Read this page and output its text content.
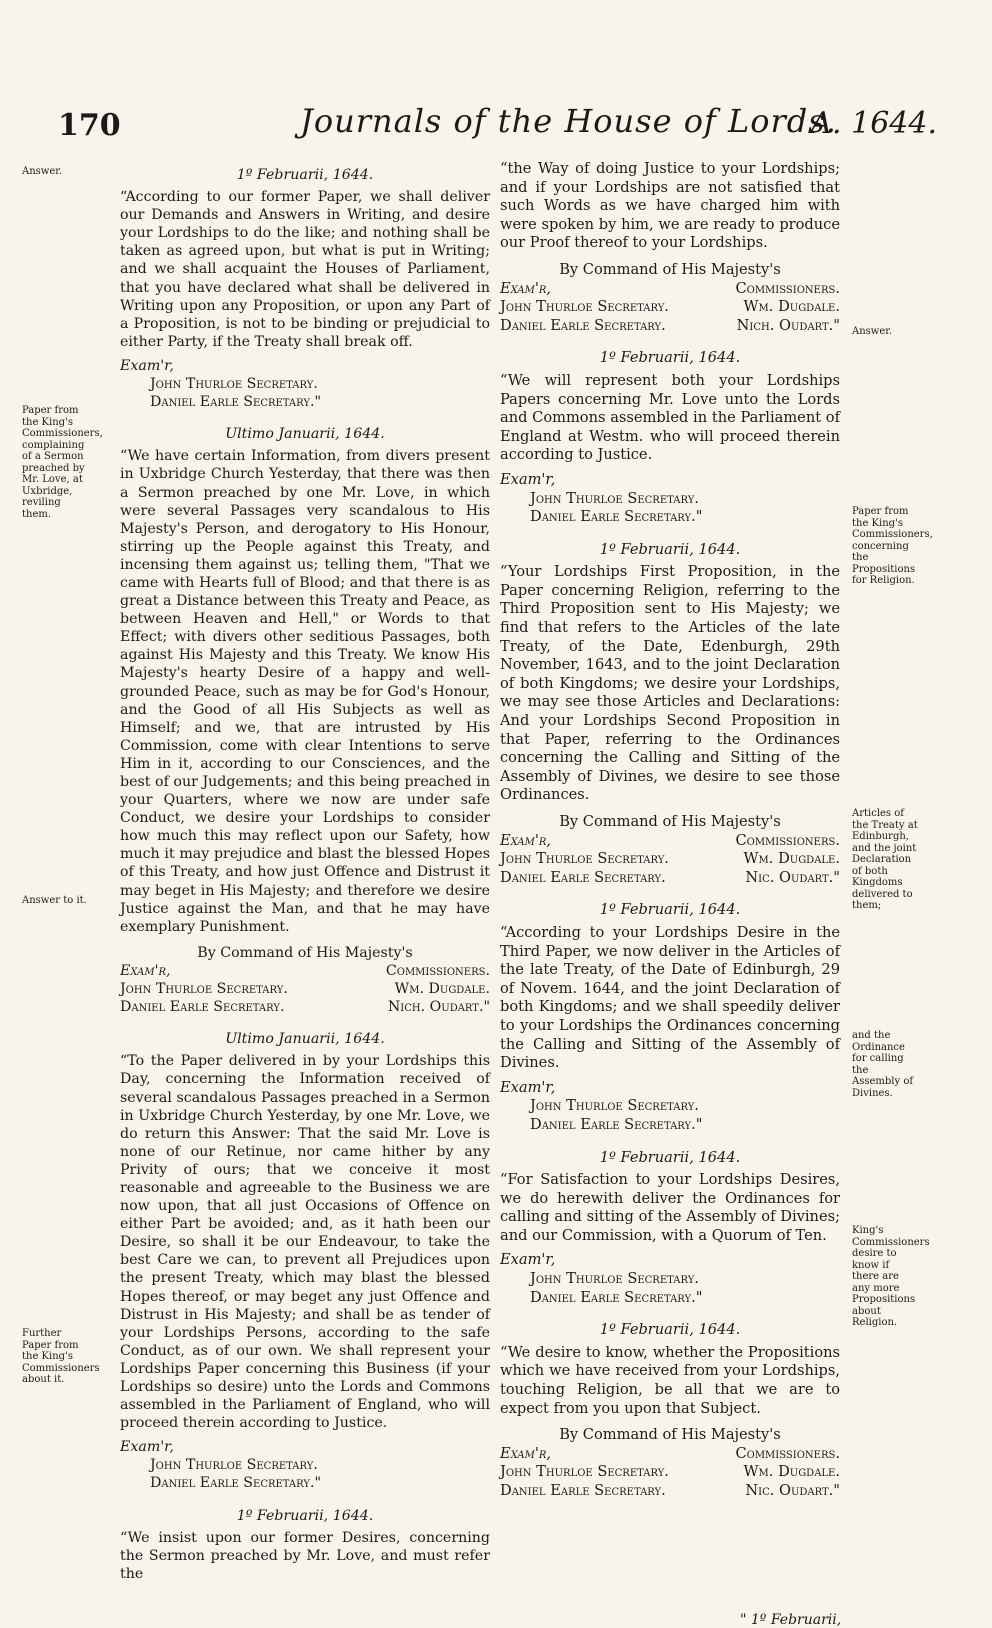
170	Journals of the House of Lords.
A. 1644.
Answer.
Paper from the King's Commissioners, complaining of a Sermon preached by Mr. Love, at Uxbridge, reviling them.
Answer to it.
Further Paper from the King's Commissioners about it.
Answer.
Paper from the King's Commissioners, concerning the Propositions for Religion.
Articles of the Treaty at Edinburgh, and the joint Declaration of both Kingdoms delivered to them;
and the Ordinance for calling the Assembly of Divines.
King's Commissioners desire to know if there are any more Propositions about Religion.
1º Februarii, 1644.

“ According to our former Paper, we shall deliver our Demands and Answers in Writing, and desire your Lordships to do the like; and nothing shall be taken as agreed upon, but what is put in Writing; and we shall acquaint the Houses of Parliament, that you have declared what shall be delivered in Writing upon any Proposition, or upon any Part of a Proposition, is not to be binding or prejudicial to either Party, if the Treaty shall break off.

Exam'r,
John Thurloe Secretary.
Daniel Earle Secretary."
Ultimo Januarii, 1644.

“ We have certain Information, from divers present in Uxbridge Church Yesterday, that there was then a Sermon preached by one Mr. Love, in which were several Passages very scandalous to His Majesty's Person, and derogatory to His Honour, stirring up the People against this Treaty, and incensing them against us; telling them, "That we came with Hearts full of Blood; and that there is as great a Distance between this Treaty and Peace, as between Heaven and Hell," or Words to that Effect; with divers other seditious Passages, both against His Majesty and this Treaty. We know His Majesty's hearty Desire of a happy and well-grounded Peace, such as may be for God's Honour, and the Good of all His Subjects as well as Himself; and we, that are intrusted by His Commission, come with clear Intentions to serve Him in it, according to our Consciences, and the best of our Judgements; and this being preached in your Quarters, where we now are under safe Conduct, we desire your Lordships to consider how much this may reflect upon our Safety, how much it may prejudice and blast the blessed Hopes of this Treaty, and how just Offence and Distrust it may beget in His Majesty; and therefore we desire Justice against the Man, and that he may have exemplary Punishment.

By Command of His Majesty's
Exam'r,	Commissioners.
John Thurloe Secretary.	Wm. Dugdale.
Daniel Earle Secretary.	Nich. Oudart."
Ultimo Januarii, 1644.

“ To the Paper delivered in by your Lordships this Day, concerning the Information received of several scandalous Passages preached in a Sermon in Uxbridge Church Yesterday, by one Mr. Love, we do return this Answer: That the said Mr. Love is none of our Retinue, nor came hither by any Privity of ours; that we conceive it most reasonable and agreeable to the Business we are now upon, that all just Occasions of Offence on either Part be avoided; and, as it hath been our Desire, so shall it be our Endeavour, to take the best Care we can, to prevent all Prejudices upon the present Treaty, which may blast the blessed Hopes thereof, or may beget any just Offence and Distrust in His Majesty; and shall be as tender of your Lordships Persons, according to the safe Conduct, as of our own. We shall represent your Lordships Paper concerning this Business (if your Lordships so desire) unto the Lords and Commons assembled in the Parliament of England, who will proceed therein according to Justice.

Exam'r,
John Thurloe Secretary.
Daniel Earle Secretary."
1º Februarii, 1644.

“ We insist upon our former Desires, concerning the Sermon preached by Mr. Love, and must refer the

“ the Way of doing Justice to your Lordships; and if your Lordships are not satisfied that such Words as we have charged him with were spoken by him, we are ready to produce our Proof thereof to your Lordships.

By Command of His Majesty's
Exam'r,	Commissioners.
John Thurloe Secretary.	Wm. Dugdale.
Daniel Earle Secretary.	Nich. Oudart."
1º Februarii, 1644.

“ We will represent both your Lordships Papers concerning Mr. Love unto the Lords and Commons assembled in the Parliament of England at Westm. who will proceed therein according to Justice.

Exam'r,
John Thurloe Secretary.
Daniel Earle Secretary."
1º Februarii, 1644.

“ Your Lordships First Proposition, in the Paper concerning Religion, referring to the Third Proposition sent to His Majesty; we find that refers to the Articles of the late Treaty, of the Date, Edenburgh, 29th November, 1643, and to the joint Declaration of both Kingdoms; we desire your Lordships, we may see those Articles and Declarations: And your Lordships Second Proposition in that Paper, referring to the Ordinances concerning the Calling and Sitting of the Assembly of Divines, we desire to see those Ordinances.

By Command of His Majesty's
Exam'r,	Commissioners.
John Thurloe Secretary.	Wm. Dugdale.
Daniel Earle Secretary.	Nic. Oudart."
1º Februarii, 1644.

“ According to your Lordships Desire in the Third Paper, we now deliver in the Articles of the late Treaty, of the Date of Edinburgh, 29 of Novem. 1644, and the joint Declaration of both Kingdoms; and we shall speedily deliver to your Lordships the Ordinances concerning the Calling and Sitting of the Assembly of Divines.

Exam'r,
John Thurloe Secretary.
Daniel Earle Secretary."
1º Februarii, 1644.

“ For Satisfaction to your Lordships Desires, we do herewith deliver the Ordinances for calling and sitting of the Assembly of Divines; and our Commission, with a Quorum of Ten.

Exam'r,
John Thurloe Secretary.
Daniel Earle Secretary."
1º Februarii, 1644.

“ We desire to know, whether the Propositions which we have received from your Lordships, touching Religion, be all that we are to expect from you upon that Subject.

By Command of His Majesty's
Exam'r,	Commissioners.
John Thurloe Secretary.	Wm. Dugdale.
Daniel Earle Secretary.	Nic. Oudart."
" 1º Februarii,
